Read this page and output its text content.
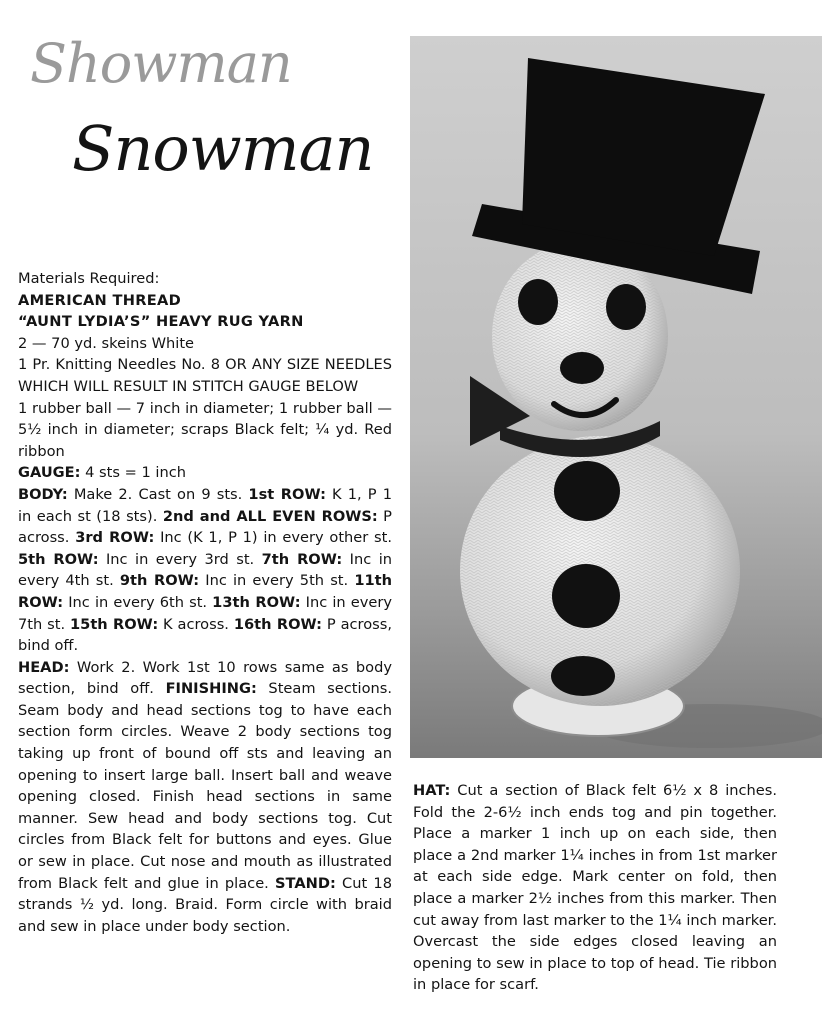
Showman
Snowman

Materials Required:

AMERICAN THREAD

“AUNT LYDIA’S” HEAVY RUG YARN

2 — 70 yd. skeins White

1 Pr. Knitting Needles No. 8 OR ANY SIZE NEEDLES WHICH WILL RESULT IN STITCH GAUGE BELOW

1 rubber ball — 7 inch in diameter; 1 rubber ball — 5½ inch in diameter; scraps Black felt; ¼ yd. Red ribbon

GAUGE: 4 sts = 1 inch

BODY: Make 2. Cast on 9 sts. 1st ROW: K 1, P 1 in each st (18 sts). 2nd and ALL EVEN ROWS: P across. 3rd ROW: Inc (K 1, P 1) in every other st. 5th ROW: Inc in every 3rd st. 7th ROW: Inc in every 4th st. 9th ROW: Inc in every 5th st. 11th ROW: Inc in every 6th st. 13th ROW: Inc in every 7th st. 15th ROW: K across. 16th ROW: P across, bind off.

HEAD: Work 2. Work 1st 10 rows same as body section, bind off. FINISHING: Steam sections. Seam body and head sections tog to have each section form circles. Weave 2 body sections tog taking up front of bound off sts and leaving an opening to insert large ball. Insert ball and weave opening closed. Finish head sections in same manner. Sew head and body sections tog. Cut circles from Black felt for buttons and eyes. Glue or sew in place. Cut nose and mouth as illustrated from Black felt and glue in place. STAND: Cut 18 strands ½ yd. long. Braid. Form circle with braid and sew in place under body section.

HAT: Cut a section of Black felt 6½ x 8 inches. Fold the 2-6½ inch ends tog and pin together. Place a marker 1 inch up on each side, then place a 2nd marker 1¼ inches in from 1st marker at each side edge. Mark center on fold, then place a marker 2½ inches from this marker. Then cut away from last marker to the 1¼ inch marker. Overcast the side edges closed leaving an opening to sew in place to top of head. Tie ribbon in place for scarf.
